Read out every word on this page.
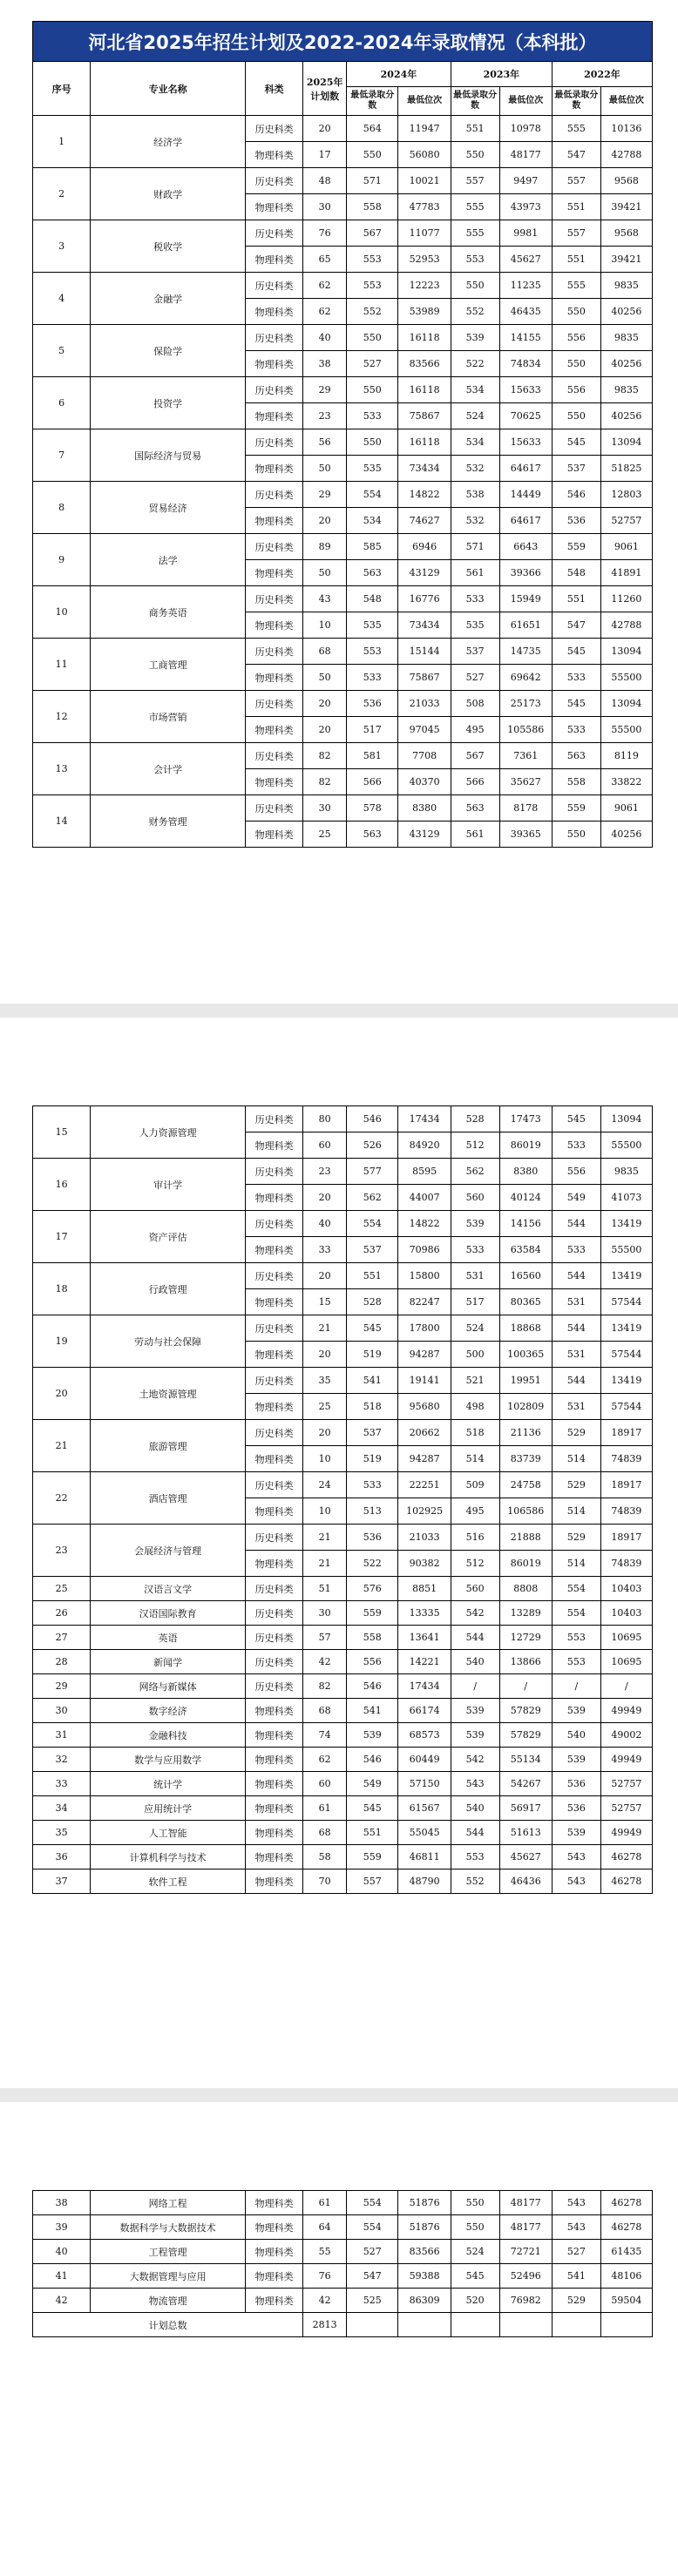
河北省2025年招生计划及2022-2024年录取情况（本科批）
序号	专业名称	科类	2025年计划数	2024年		2023年		2022年	
				最低录取分数	最低位次	最低录取分数	最低位次	最低录取分数	最低位次
1	经济学	历史科类	20	564	11947	551	10978	555	10136
		物理科类	17	550	56080	550	48177	547	42788
2	财政学	历史科类	48	571	10021	557	9497	557	9568
		物理科类	30	558	47783	555	43973	551	39421
3	税收学	历史科类	76	567	11077	555	9981	557	9568
		物理科类	65	553	52953	553	45627	551	39421
4	金融学	历史科类	62	553	12223	550	11235	555	9835
		物理科类	62	552	53989	552	46435	550	40256
5	保险学	历史科类	40	550	16118	539	14155	556	9835
		物理科类	38	527	83566	522	74834	550	40256
6	投资学	历史科类	29	550	16118	534	15633	556	9835
		物理科类	23	533	75867	524	70625	550	40256
7	国际经济与贸易	历史科类	56	550	16118	534	15633	545	13094
		物理科类	50	535	73434	532	64617	537	51825
8	贸易经济	历史科类	29	554	14822	538	14449	546	12803
		物理科类	20	534	74627	532	64617	536	52757
9	法学	历史科类	89	585	6946	571	6643	559	9061
		物理科类	50	563	43129	561	39366	548	41891
10	商务英语	历史科类	43	548	16776	533	15949	551	11260
		物理科类	10	535	73434	535	61651	547	42788
11	工商管理	历史科类	68	553	15144	537	14735	545	13094
		物理科类	50	533	75867	527	69642	533	55500
12	市场营销	历史科类	20	536	21033	508	25173	545	13094
		物理科类	20	517	97045	495	105586	533	55500
13	会计学	历史科类	82	581	7708	567	7361	563	8119
		物理科类	82	566	40370	566	35627	558	33822
14	财务管理	历史科类	30	578	8380	563	8178	559	9061
		物理科类	25	563	43129	561	39365	550	40256
15	人力资源管理	历史科类	80	546	17434	528	17473	545	13094
		物理科类	60	526	84920	512	86019	533	55500
16	审计学	历史科类	23	577	8595	562	8380	556	9835
		物理科类	20	562	44007	560	40124	549	41073
17	资产评估	历史科类	40	554	14822	539	14156	544	13419
		物理科类	33	537	70986	533	63584	533	55500
18	行政管理	历史科类	20	551	15800	531	16560	544	13419
		物理科类	15	528	82247	517	80365	531	57544
19	劳动与社会保障	历史科类	21	545	17800	524	18868	544	13419
		物理科类	20	519	94287	500	100365	531	57544
20	土地资源管理	历史科类	35	541	19141	521	19951	544	13419
		物理科类	25	518	95680	498	102809	531	57544
21	旅游管理	历史科类	20	537	20662	518	21136	529	18917
		物理科类	10	519	94287	514	83739	514	74839
22	酒店管理	历史科类	24	533	22251	509	24758	529	18917
		物理科类	10	513	102925	495	106586	514	74839
23	会展经济与管理	历史科类	21	536	21033	516	21888	529	18917
		物理科类	21	522	90382	512	86019	514	74839
25	汉语言文学	历史科类	51	576	8851	560	8808	554	10403
26	汉语国际教育	历史科类	30	559	13335	542	13289	554	10403
27	英语	历史科类	57	558	13641	544	12729	553	10695
28	新闻学	历史科类	42	556	14221	540	13866	553	10695
29	网络与新媒体	历史科类	82	546	17434	/	/	/	/
30	数字经济	物理科类	68	541	66174	539	57829	539	49949
31	金融科技	物理科类	74	539	68573	539	57829	540	49002
32	数学与应用数学	物理科类	62	546	60449	542	55134	539	49949
33	统计学	物理科类	60	549	57150	543	54267	536	52757
34	应用统计学	物理科类	61	545	61567	540	56917	536	52757
35	人工智能	物理科类	68	551	55045	544	51613	539	49949
36	计算机科学与技术	物理科类	58	559	46811	553	45627	543	46278
37	软件工程	物理科类	70	557	48790	552	46436	543	46278
38	网络工程	物理科类	61	554	51876	550	48177	543	46278
39	数据科学与大数据技术	物理科类	64	554	51876	550	48177	543	46278
40	工程管理	物理科类	55	527	83566	524	72721	527	61435
41	大数据管理与应用	物理科类	76	547	59388	545	52496	541	48106
42	物流管理	物理科类	42	525	86309	520	76982	529	59504
计划总数			2813						
